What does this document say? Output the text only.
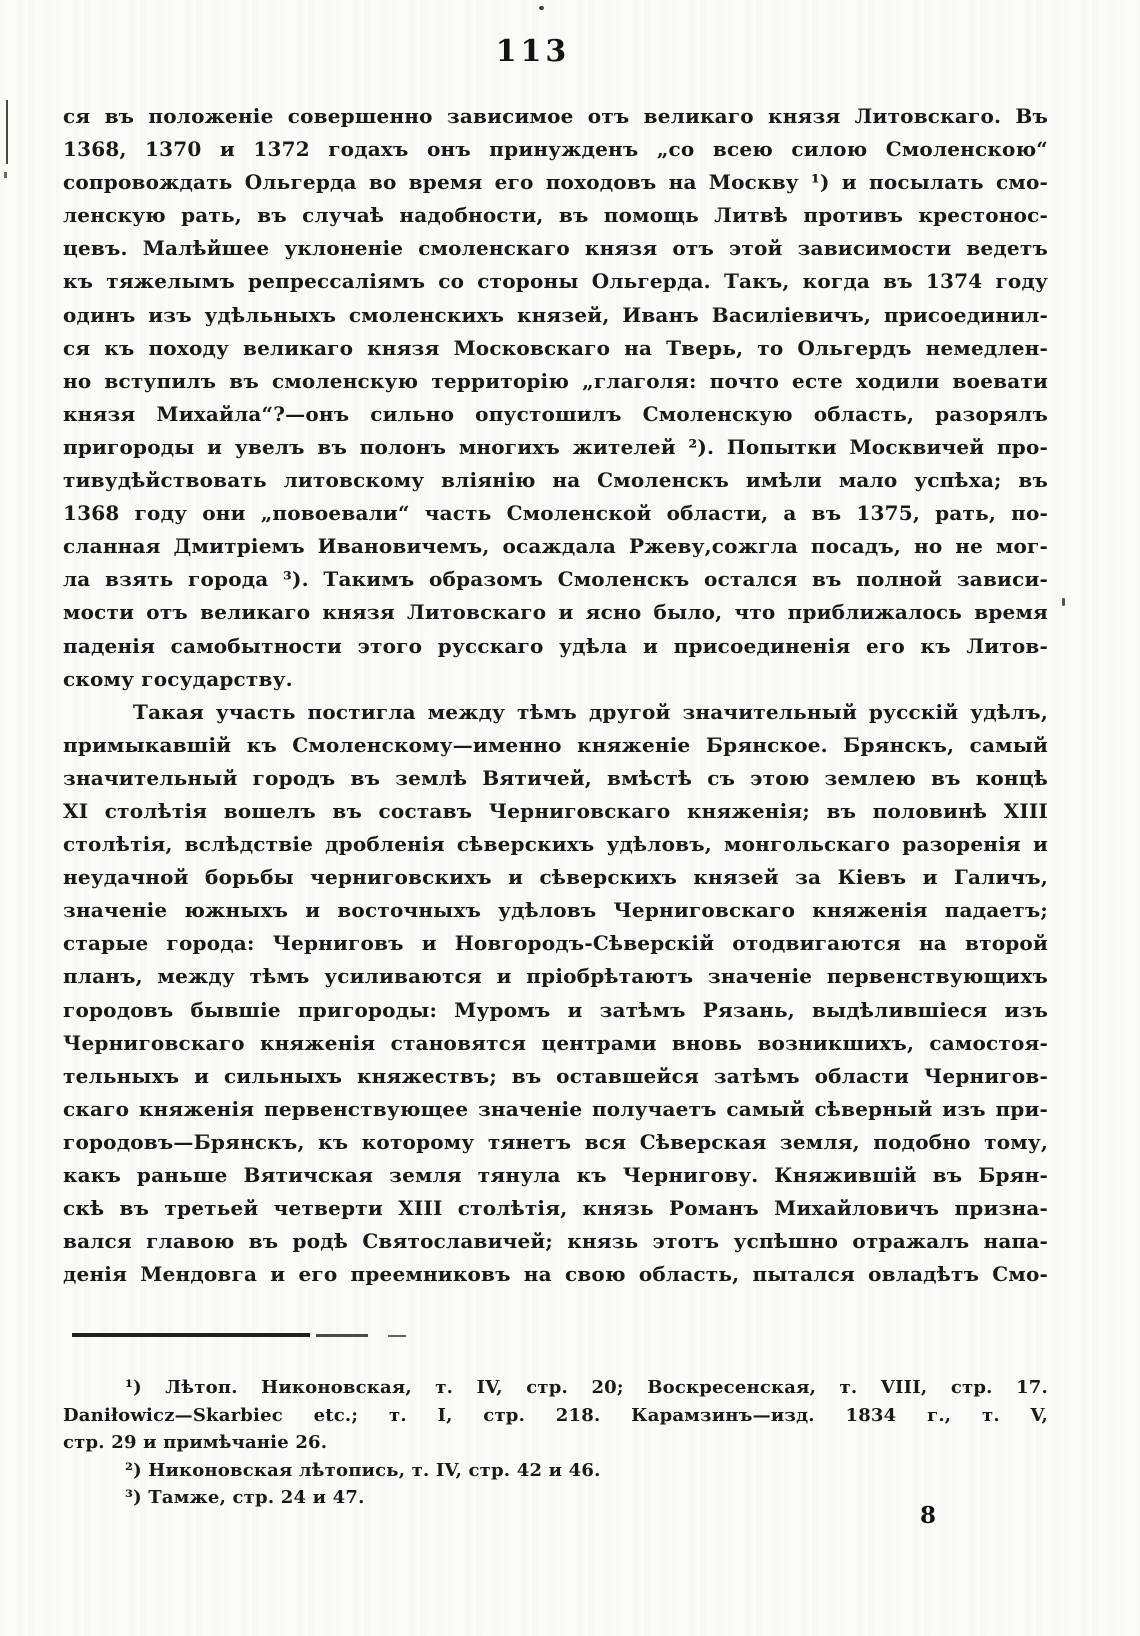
113
ся въ положеніе совершенно зависимое отъ великаго князя Литовскаго. Въ
1368, 1370 и 1372 годахъ онъ принужденъ „со всею силою Смоленскою“
сопровождать Ольгерда во время его походовъ на Москву ¹) и посылать смо-
ленскую рать, въ случаѣ надобности, въ помощь Литвѣ противъ крестонос-
цевъ. Малѣйшее уклоненіе смоленскаго князя отъ этой зависимости ведетъ
къ тяжелымъ репрессаліямъ со стороны Ольгерда. Такъ, когда въ 1374 году
одинъ изъ удѣльныхъ смоленскихъ князей, Иванъ Василіевичъ, присоединил-
ся къ походу великаго князя Московскаго на Тверь, то Ольгердъ немедлен-
но вступилъ въ смоленскую территорію „глаголя: почто есте ходили воевати
князя Михайла“?—онъ сильно опустошилъ Смоленскую область, разорялъ
пригороды и увелъ въ полонъ многихъ жителей ²). Попытки Москвичей про-
тивудѣйствовать литовскому вліянію на Смоленскъ имѣли мало успѣха; въ
1368 году они „повоевали“ часть Смоленской области, а въ 1375, рать, по-
сланная Дмитріемъ Ивановичемъ, осаждала Ржеву,сожгла посадъ, но не мог-
ла взять города ³). Такимъ образомъ Смоленскъ остался въ полной зависи-
мости отъ великаго князя Литовскаго и ясно было, что приближалось время
паденія самобытности этого русскаго удѣла и присоединенія его къ Литов-
скому государству.
Такая участь постигла между тѣмъ другой значительный русскій удѣлъ,
примыкавшій къ Смоленскому—именно княженіе Брянское. Брянскъ, самый
значительный городъ въ землѣ Вятичей, вмѣстѣ съ этою землею въ концѣ
XI столѣтія вошелъ въ составъ Черниговскаго княженія; въ половинѣ XIII
столѣтія, вслѣдствіе дробленія сѣверскихъ удѣловъ, монгольскаго разоренія и
неудачной борьбы черниговскихъ и сѣверскихъ князей за Кіевъ и Галичъ,
значеніе южныхъ и восточныхъ удѣловъ Черниговскаго княженія падаетъ;
старые города: Черниговъ и Новгородъ-Сѣверскій отодвигаются на второй
планъ, между тѣмъ усиливаются и пріобрѣтаютъ значеніе первенствующихъ
городовъ бывшіе пригороды: Муромъ и затѣмъ Рязань, выдѣлившіеся изъ
Черниговскаго княженія становятся центрами вновь возникшихъ, самостоя-
тельныхъ и сильныхъ княжествъ; въ оставшейся затѣмъ области Чернигов-
скаго княженія первенствующее значеніе получаетъ самый сѣверный изъ при-
городовъ—Брянскъ, къ которому тянетъ вся Сѣверская земля, подобно тому,
какъ раньше Вятичская земля тянула къ Чернигову. Княжившій въ Брян-
скѣ въ третьей четверти XIII столѣтія, князь Романъ Михайловичъ призна-
вался главою въ родѣ Святославичей; князь этотъ успѣшно отражалъ напа-
денія Мендовга и его преемниковъ на свою область, пытался овладѣтъ Смо-
¹) Лѣтоп. Никоновская, т. IV, стр. 20; Воскресенская, т. VIII, стр. 17.
Daniłowicz—Skarbiec etc.; т. I, стр. 218. Карамзинъ—изд. 1834 г., т. V,
стр. 29 и примѣчаніе 26.
²) Никоновская лѣтопись, т. IV, стр. 42 и 46.
³) Тамже, стр. 24 и 47.
8
